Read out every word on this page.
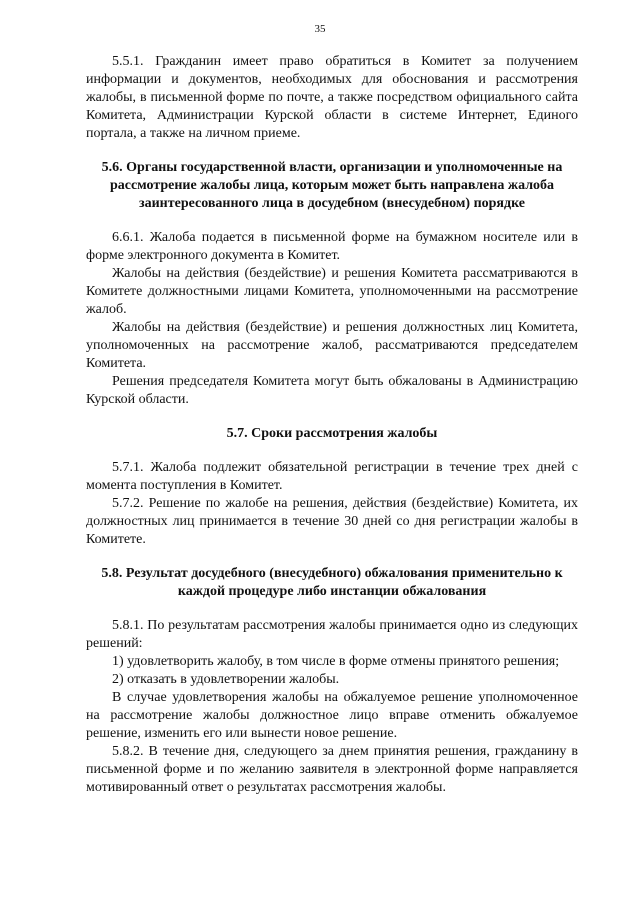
35

5.5.1. Гражданин имеет право обратиться в Комитет за получением информации и документов, необходимых для обоснования и рассмотрения жалобы, в письменной форме по почте, а также посредством официального сайта Комитета, Администрации Курской области в системе Интернет, Единого портала, а также на личном приеме.

5.6. Органы государственной власти, организации и уполномоченные на рассмотрение жалобы лица, которым может быть направлена жалоба заинтересованного лица в досудебном (внесудебном) порядке

6.6.1. Жалоба подается в письменной форме на бумажном носителе или в форме электронного документа в Комитет.

Жалобы на действия (бездействие) и решения Комитета рассматриваются в Комитете должностными лицами Комитета, уполномоченными на рассмотрение жалоб.

Жалобы на действия (бездействие) и решения должностных лиц Комитета, уполномоченных на рассмотрение жалоб, рассматриваются председателем Комитета.

Решения председателя Комитета могут быть обжалованы в Администрацию Курской области.

5.7. Сроки рассмотрения жалобы

5.7.1. Жалоба подлежит обязательной регистрации в течение трех дней с момента поступления в Комитет.

5.7.2. Решение по жалобе на решения, действия (бездействие) Комитета, их должностных лиц принимается в течение 30 дней со дня регистрации жалобы в Комитете.

5.8. Результат досудебного (внесудебного) обжалования применительно к каждой процедуре либо инстанции обжалования

5.8.1. По результатам рассмотрения жалобы принимается одно из следующих решений:

1) удовлетворить жалобу, в том числе в форме отмены принятого решения;

2) отказать в удовлетворении жалобы.

В случае удовлетворения жалобы на обжалуемое решение уполномоченное на рассмотрение жалобы должностное лицо вправе отменить обжалуемое решение, изменить его или вынести новое решение.

5.8.2. В течение дня, следующего за днем принятия решения, гражданину в письменной форме и по желанию заявителя в электронной форме направляется мотивированный ответ о результатах рассмотрения жалобы.
